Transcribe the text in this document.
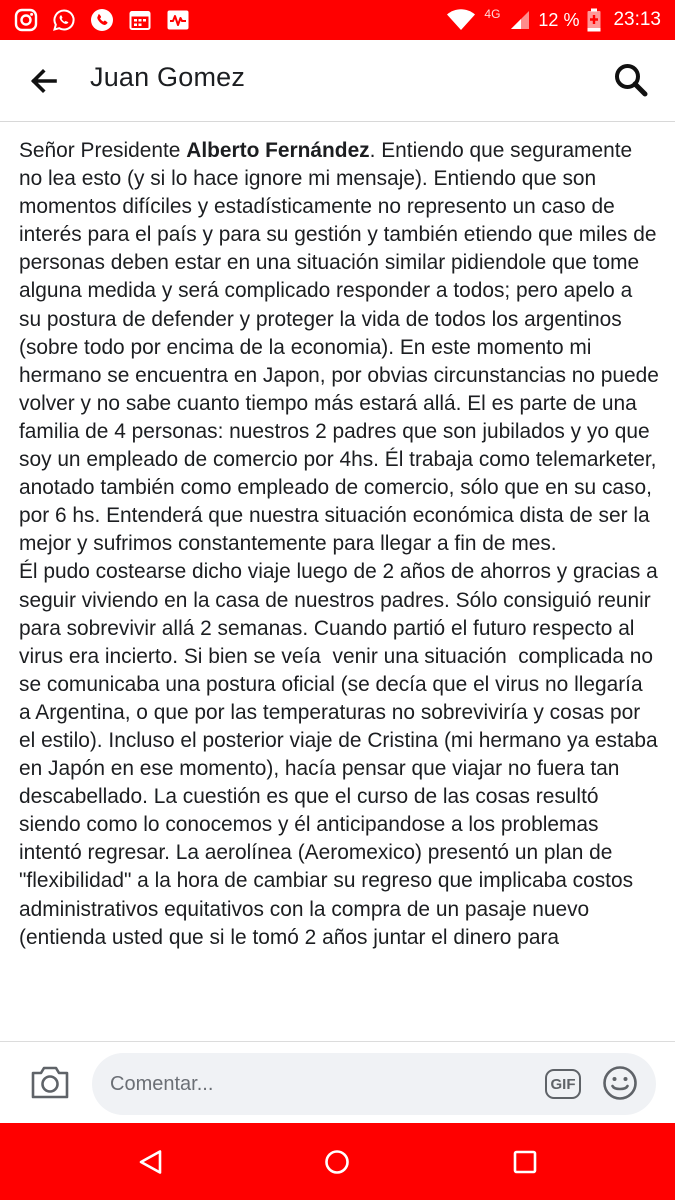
4G 12 % 23:13
Juan Gomez

Señor Presidente Alberto Fernández. Entiendo que seguramente no lea esto (y si lo hace ignore mi mensaje). Entiendo que son momentos difíciles y estadísticamente no represento un caso de interés para el país y para su gestión y también etiendo que miles de personas deben estar en una situación similar pidiendole que tome alguna medida y será complicado responder a todos; pero apelo a su postura de defender y proteger la vida de todos los argentinos (sobre todo por encima de la economia). En este momento mi hermano se encuentra en Japon, por obvias circunstancias no puede volver y no sabe cuanto tiempo más estará allá. El es parte de una familia de 4 personas: nuestros 2 padres que son jubilados y yo que soy un empleado de comercio por 4hs. Él trabaja como telemarketer, anotado también como empleado de comercio, sólo que en su caso, por 6 hs. Entenderá que nuestra situación económica dista de ser la mejor y sufrimos constantemente para llegar a fin de mes.

Él pudo costearse dicho viaje luego de 2 años de ahorros y gracias a seguir viviendo en la casa de nuestros padres. Sólo consiguió reunir para sobrevivir allá 2 semanas. Cuando partió el futuro respecto al virus era incierto. Si bien se veía  venir una situación  complicada no se comunicaba una postura oficial (se decía que el virus no llegaría a Argentina, o que por las temperaturas no sobreviviría y cosas por el estilo). Incluso el posterior viaje de Cristina (mi hermano ya estaba en Japón en ese momento), hacía pensar que viajar no fuera tan descabellado. La cuestión es que el curso de las cosas resultó siendo como lo conocemos y él anticipandose a los problemas intentó regresar. La aerolínea (Aeromexico) presentó un plan de "flexibilidad" a la hora de cambiar su regreso que implicaba costos administrativos equitativos con la compra de un pasaje nuevo (entienda usted que si le tomó 2 años juntar el dinero para

Comentar...
GIF
